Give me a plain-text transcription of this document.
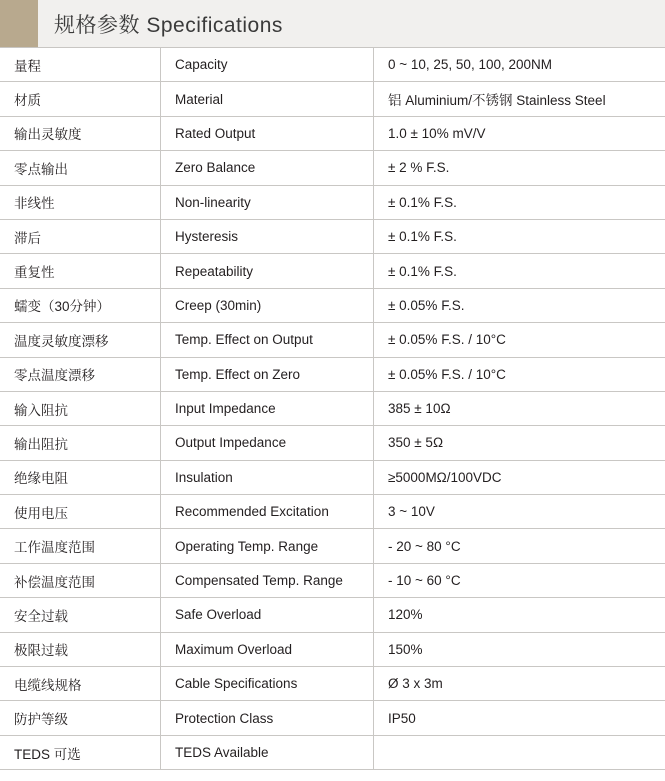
规格参数 Specifications
量程	Capacity	0 ~ 10, 25, 50, 100, 200NM
材质	Material	铝 Aluminium/不锈钢 Stainless Steel
输出灵敏度	Rated Output	1.0 ± 10% mV/V
零点输出	Zero Balance	± 2 % F.S.
非线性	Non-linearity	± 0.1% F.S.
滞后	Hysteresis	± 0.1% F.S.
重复性	Repeatability	± 0.1% F.S.
蠕变（30分钟）	Creep (30min)	± 0.05% F.S.
温度灵敏度漂移	Temp. Effect on Output	± 0.05% F.S. / 10°C
零点温度漂移	Temp. Effect on Zero	± 0.05% F.S. / 10°C
输入阻抗	Input Impedance	385 ± 10Ω
输出阻抗	Output Impedance	350 ± 5Ω
绝缘电阻	Insulation	≥5000MΩ/100VDC
使用电压	Recommended Excitation	3 ~ 10V
工作温度范围	Operating Temp. Range	- 20 ~ 80 °C
补偿温度范围	Compensated Temp. Range	- 10 ~ 60 °C
安全过载	Safe Overload	120%
极限过载	Maximum Overload	150%
电缆线规格	Cable Specifications	Ø 3 x 3m
防护等级	Protection Class	IP50
TEDS 可选	TEDS Available	
